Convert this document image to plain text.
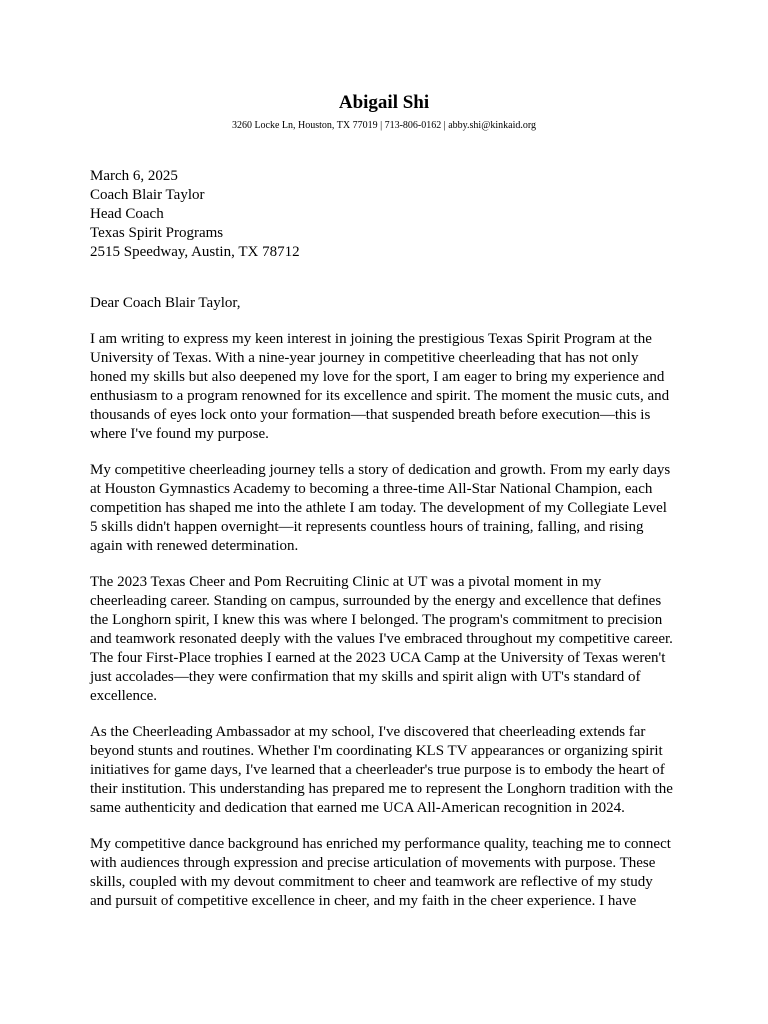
Abigail Shi
3260 Locke Ln, Houston, TX 77019 | 713-806-0162 | abby.shi@kinkaid.org
March 6, 2025
Coach Blair Taylor
Head Coach
Texas Spirit Programs
2515 Speedway, Austin, TX 78712
Dear Coach Blair Taylor,
I am writing to express my keen interest in joining the prestigious Texas Spirit Program at the
University of Texas. With a nine-year journey in competitive cheerleading that has not only
honed my skills but also deepened my love for the sport, I am eager to bring my experience and
enthusiasm to a program renowned for its excellence and spirit. The moment the music cuts, and
thousands of eyes lock onto your formation—that suspended breath before execution—this is
where I've found my purpose.
My competitive cheerleading journey tells a story of dedication and growth. From my early days
at Houston Gymnastics Academy to becoming a three-time All-Star National Champion, each
competition has shaped me into the athlete I am today. The development of my Collegiate Level
5 skills didn't happen overnight—it represents countless hours of training, falling, and rising
again with renewed determination.
The 2023 Texas Cheer and Pom Recruiting Clinic at UT was a pivotal moment in my
cheerleading career. Standing on campus, surrounded by the energy and excellence that defines
the Longhorn spirit, I knew this was where I belonged. The program's commitment to precision
and teamwork resonated deeply with the values I've embraced throughout my competitive career.
The four First-Place trophies I earned at the 2023 UCA Camp at the University of Texas weren't
just accolades—they were confirmation that my skills and spirit align with UT's standard of
excellence.
As the Cheerleading Ambassador at my school, I've discovered that cheerleading extends far
beyond stunts and routines. Whether I'm coordinating KLS TV appearances or organizing spirit
initiatives for game days, I've learned that a cheerleader's true purpose is to embody the heart of
their institution. This understanding has prepared me to represent the Longhorn tradition with the
same authenticity and dedication that earned me UCA All-American recognition in 2024.
My competitive dance background has enriched my performance quality, teaching me to connect
with audiences through expression and precise articulation of movements with purpose. These
skills, coupled with my devout commitment to cheer and teamwork are reflective of my study
and pursuit of competitive excellence in cheer, and my faith in the cheer experience. I have
